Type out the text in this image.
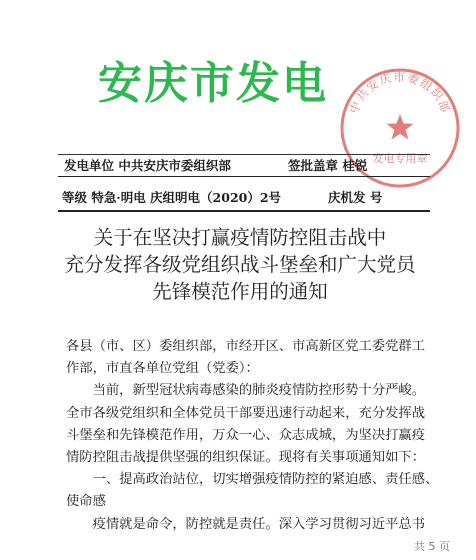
安庆市发电 中共安庆市委组织部
发电专用章
发电单位 中共安庆市委组织部	签批盖章 桂锐
等级 特急·明电 庆组明电（2020）2号	庆机发 号
关于在坚决打赢疫情防控阻击战中
充分发挥各级党组织战斗堡垒和广大党员
先锋模范作用的通知
各县（市、区）委组织部，市经开区、市高新区党工委党群工
作部，市直各单位党组（党委）：
　　当前，新型冠状病毒感染的肺炎疫情防控形势十分严峻。
全市各级党组织和全体党员干部要迅速行动起来，充分发挥战
斗堡垒和先锋模范作用，万众一心、众志成城，为坚决打赢疫
情防控阻击战提供坚强的组织保证。现将有关事项通知如下：
　　一、提高政治站位，切实增强疫情防控的紧迫感、责任感、
使命感
　　疫情就是命令，防控就是责任。深入学习贯彻习近平总书
共 5 页
